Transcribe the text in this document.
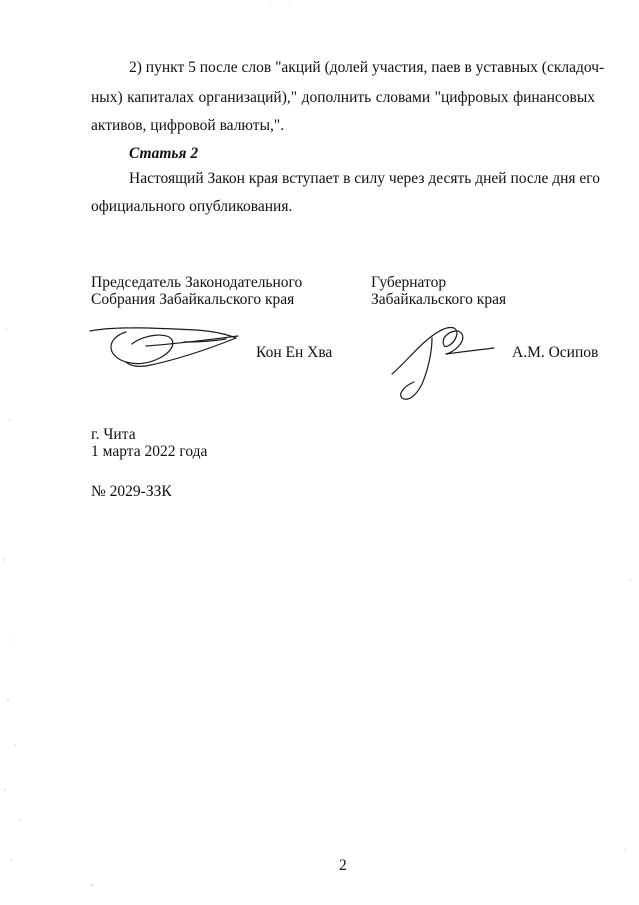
2) пункт 5 после слов "акций (долей участия, паев в уставных (складоч-
ных) капиталах организаций)," дополнить словами "цифровых финансовых
активов, цифровой валюты,".
Статья 2
Настоящий Закон края вступает в силу через десять дней после дня его
официального опубликования.
Председатель Законодательного
Собрания Забайкальского края
Кон Ен Хва
Губернатор
Забайкальского края
А.М. Осипов
г. Чита
1 марта 2022 года
№ 2029-ЗЗК
2
